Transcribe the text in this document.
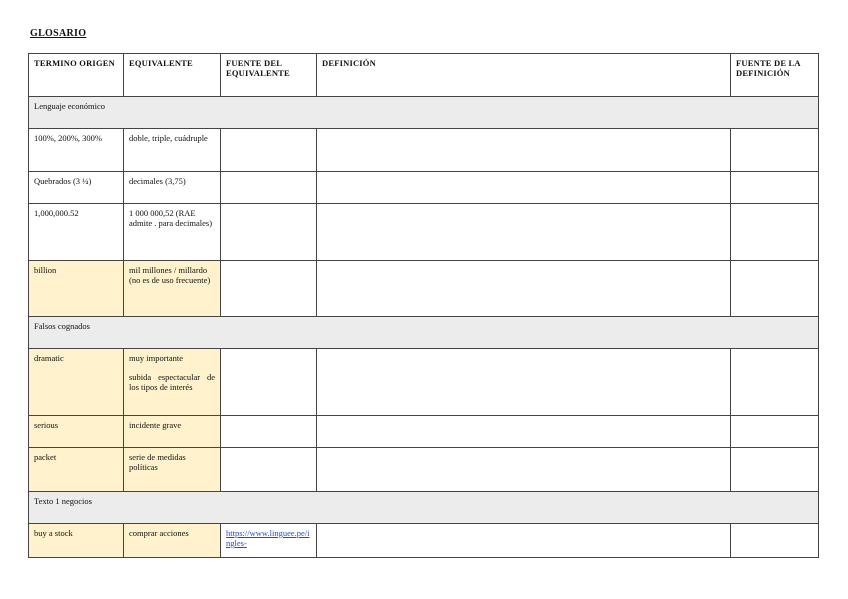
GLOSARIO
TERMINO ORIGEN	EQUIVALENTE	FUENTE DEL EQUIVALENTE	DEFINICIÓN	FUENTE DE LA DEFINICIÓN
Lenguaje económico				
100%, 200%, 300%	doble, triple, cuádruple			
Quebrados (3 ¼)	decimales (3,75)			
1,000,000.52	1 000 000,52 (RAE admite . para decimales)			
billion	mil millones / millardo (no es de uso frecuente)			
Falsos cognados				
dramatic	muy importante
subida espectacular de los tipos de interés			

serious	incidente grave			
packet	serie de medidas políticas			
Texto 1 negocios				
buy a stock	comprar acciones	https://www.linguee.pe/ingles-		
